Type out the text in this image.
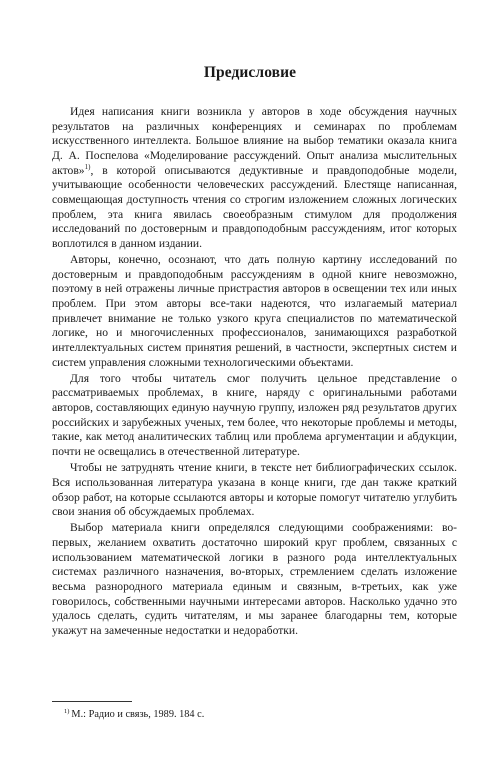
Предисловие

Идея написания книги возникла у авторов в ходе обсуждения научных результатов на различных конференциях и семинарах по проблемам искусственного интеллекта. Большое влияние на выбор тематики оказала книга Д. А. Поспелова «Моделирование рассуждений. Опыт анализа мыслительных актов»$^{1)}$, в которой описываются дедуктивные и правдоподобные модели, учитывающие особенности человеческих рассуждений. Блестяще написанная, совмещающая доступность чтения со строгим изложением сложных логических проблем, эта книга явилась своеобразным стимулом для продолжения исследований по достоверным и правдоподобным рассуждениям, итог которых воплотился в данном издании.

Авторы, конечно, осознают, что дать полную картину исследований по достоверным и правдоподобным рассуждениям в одной книге невозможно, поэтому в ней отражены личные пристрастия авторов в освещении тех или иных проблем. При этом авторы все-таки надеются, что излагаемый материал привлечет внимание не только узкого круга специалистов по математической логике, но и многочисленных профессионалов, занимающихся разработкой интеллектуальных систем принятия решений, в частности, экспертных систем и систем управления сложными технологическими объектами.

Для того чтобы читатель смог получить цельное представление о рассматриваемых проблемах, в книге, наряду с оригинальными работами авторов, составляющих единую научную группу, изложен ряд результатов других российских и зарубежных ученых, тем более, что некоторые проблемы и методы, такие, как метод аналитических таблиц или проблема аргументации и абдукции, почти не освещались в отечественной литературе.

Чтобы не затруднять чтение книги, в тексте нет библиографических ссылок. Вся использованная литература указана в конце книги, где дан также краткий обзор работ, на которые ссылаются авторы и которые помогут читателю углубить свои знания об обсуждаемых проблемах.

Выбор материала книги определялся следующими соображениями: во-первых, желанием охватить достаточно широкий круг проблем, связанных с использованием математической логики в разного рода интеллектуальных системах различного назначения, во-вторых, стремлением сделать изложение весьма разнородного материала единым и связным, в-третьих, как уже говорилось, собственными научными интересами авторов. Насколько удачно это удалось сделать, судить читателям, и мы заранее благодарны тем, которые укажут на замеченные недостатки и недоработки.

$^{1)}$ М.: Радио и связь, 1989. 184 с.
